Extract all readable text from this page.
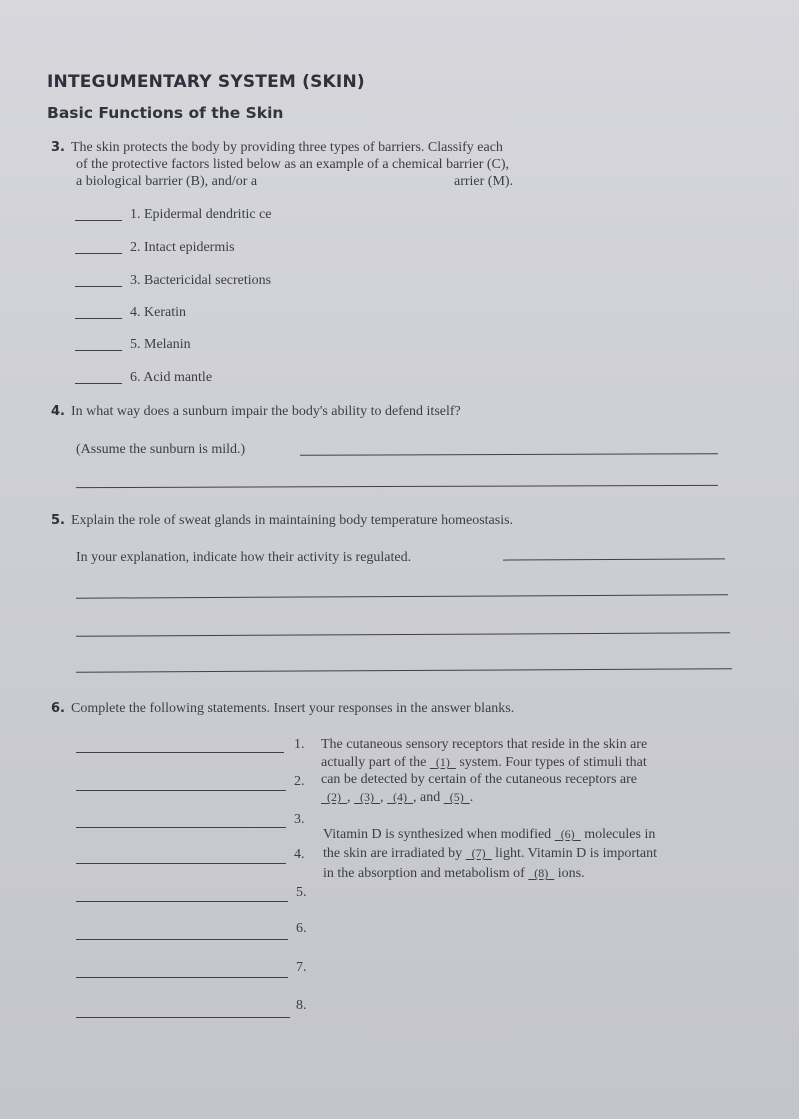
INTEGUMENTARY SYSTEM (SKIN)
Basic Functions of the Skin
3. The skin protects the body by providing three types of barriers. Classify each
of the protective factors listed below as an example of a chemical barrier (C),
a biological barrier (B), and/or a	arrier (M).
1. Epidermal dendritic ce
2. Intact epidermis
3. Bactericidal secretions
4. Keratin
5. Melanin
6. Acid mantle
4. In what way does a sunburn impair the body's ability to defend itself?
(Assume the sunburn is mild.)
5. Explain the role of sweat glands in maintaining body temperature homeostasis.
In your explanation, indicate how their activity is regulated.
6. Complete the following statements. Insert your responses in the answer blanks.
1.
2.
3.
4.
5.
6.
7.
8.
The cutaneous sensory receptors that reside in the skin are
actually part of the (1) system. Four types of stimuli that
can be detected by certain of the cutaneous receptors are
(2) ,   (3) ,   (4) , and (5) .
Vitamin D is synthesized when modified (6) molecules in
the skin are irradiated by (7) light. Vitamin D is important
in the absorption and metabolism of (8) ions.
